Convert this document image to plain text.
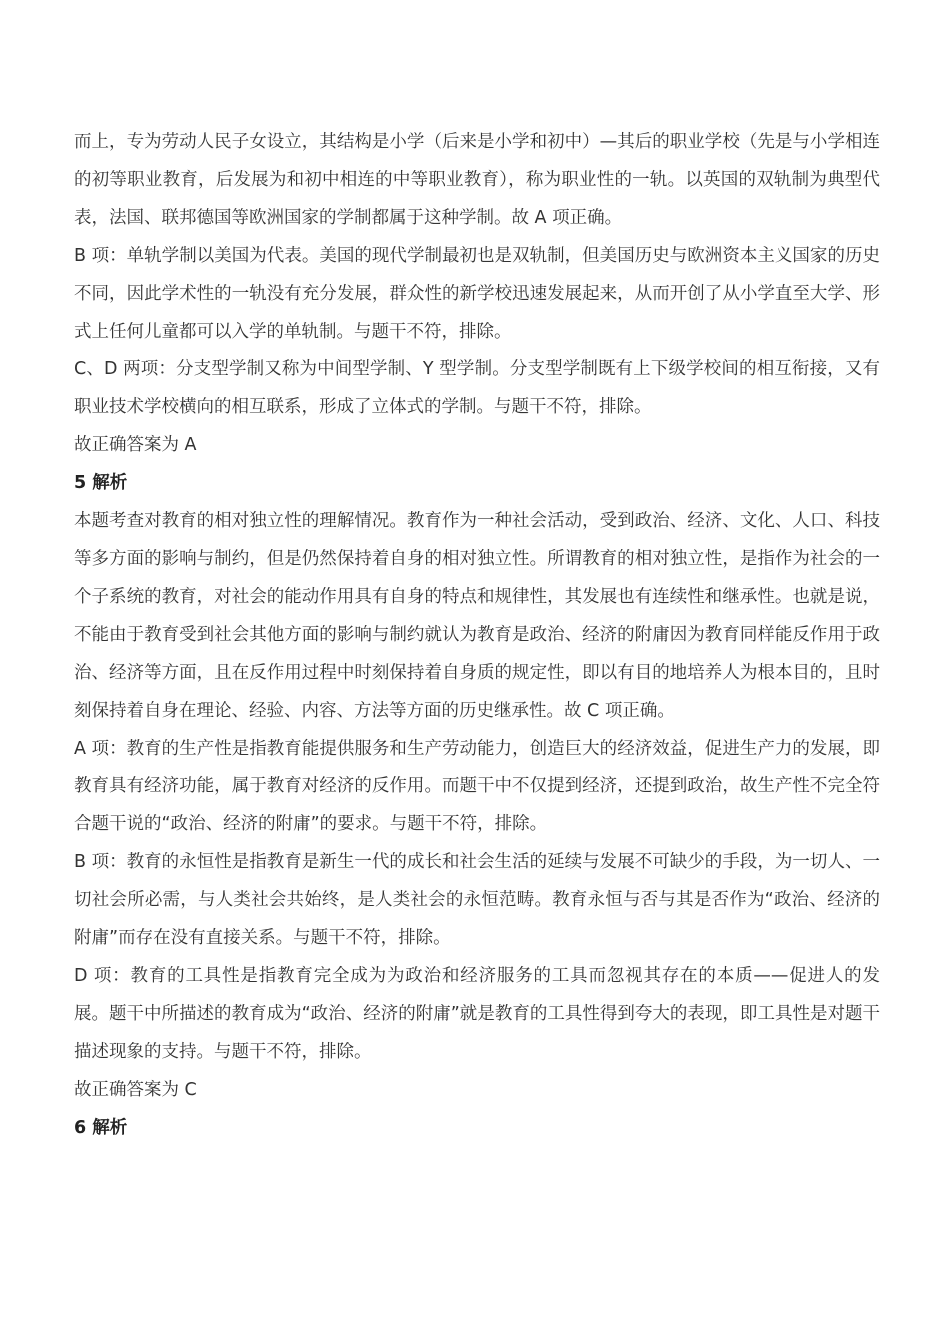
而上，专为劳动人民子女设立，其结构是小学（后来是小学和初中）—其后的职业学校（先是与小学相连的初等职业教育，后发展为和初中相连的中等职业教育），称为职业性的一轨。以英国的双轨制为典型代表，法国、联邦德国等欧洲国家的学制都属于这种学制。故 A 项正确。

B 项：单轨学制以美国为代表。美国的现代学制最初也是双轨制，但美国历史与欧洲资本主义国家的历史不同，因此学术性的一轨没有充分发展，群众性的新学校迅速发展起来，从而开创了从小学直至大学、形式上任何儿童都可以入学的单轨制。与题干不符，排除。

C、D 两项：分支型学制又称为中间型学制、Y 型学制。分支型学制既有上下级学校间的相互衔接，又有职业技术学校横向的相互联系，形成了立体式的学制。与题干不符，排除。

故正确答案为 A

5 解析

本题考查对教育的相对独立性的理解情况。教育作为一种社会活动，受到政治、经济、文化、人口、科技等多方面的影响与制约，但是仍然保持着自身的相对独立性。所谓教育的相对独立性，是指作为社会的一个子系统的教育，对社会的能动作用具有自身的特点和规律性，其发展也有连续性和继承性。也就是说，不能由于教育受到社会其他方面的影响与制约就认为教育是政治、经济的附庸因为教育同样能反作用于政治、经济等方面，且在反作用过程中时刻保持着自身质的规定性，即以有目的地培养人为根本目的，且时刻保持着自身在理论、经验、内容、方法等方面的历史继承性。故 C 项正确。

A 项：教育的生产性是指教育能提供服务和生产劳动能力，创造巨大的经济效益，促进生产力的发展，即教育具有经济功能，属于教育对经济的反作用。而题干中不仅提到经济，还提到政治，故生产性不完全符合题干说的“政治、经济的附庸”的要求。与题干不符，排除。

B 项：教育的永恒性是指教育是新生一代的成长和社会生活的延续与发展不可缺少的手段，为一切人、一切社会所必需，与人类社会共始终，是人类社会的永恒范畴。教育永恒与否与其是否作为“政治、经济的附庸”而存在没有直接关系。与题干不符，排除。

D 项：教育的工具性是指教育完全成为为政治和经济服务的工具而忽视其存在的本质——促进人的发展。题干中所描述的教育成为“政治、经济的附庸”就是教育的工具性得到夸大的表现，即工具性是对题干描述现象的支持。与题干不符，排除。

故正确答案为 C

6 解析
